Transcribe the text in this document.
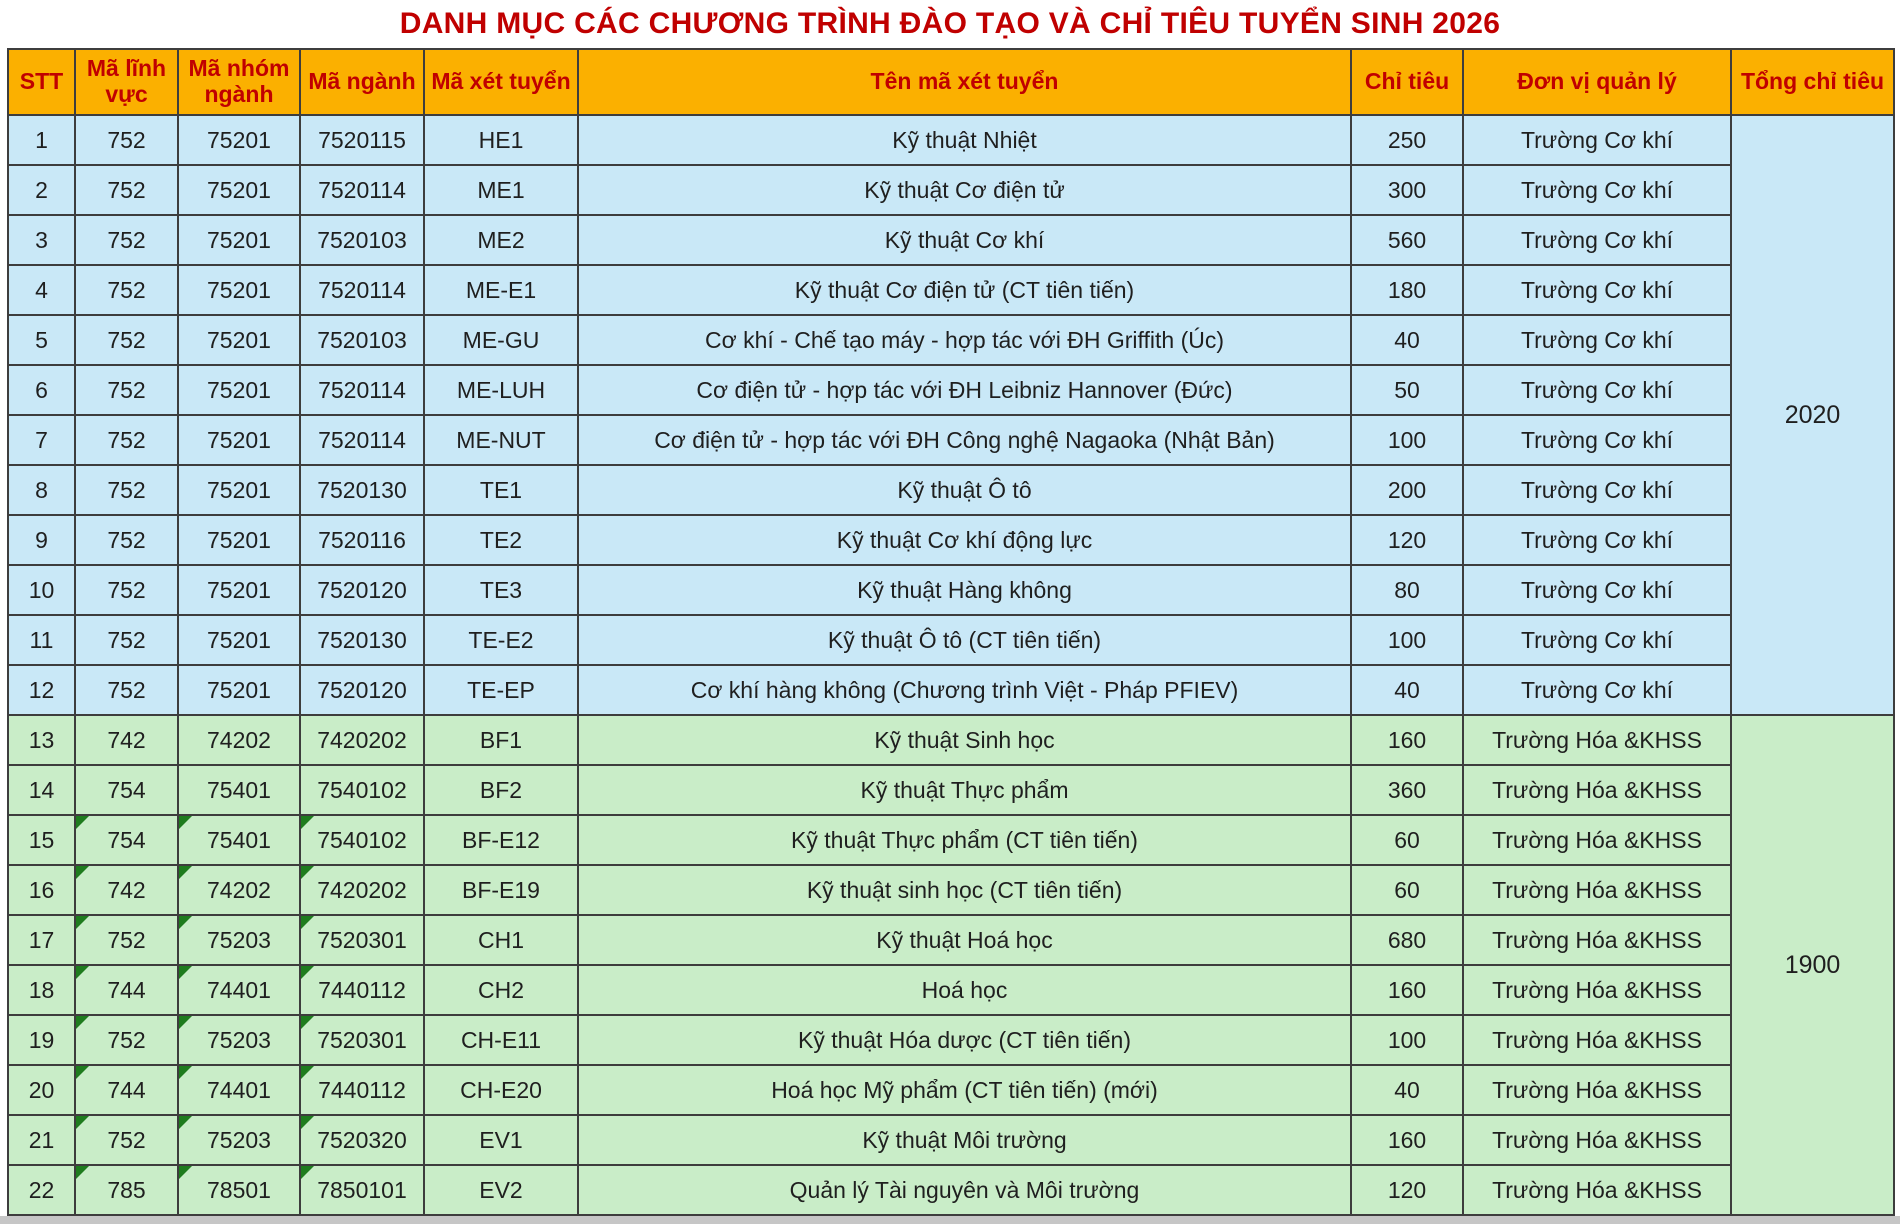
DANH MỤC CÁC CHƯƠNG TRÌNH ĐÀO TẠO VÀ CHỈ TIÊU TUYỂN SINH 2026
STT	Mã lĩnh vực	Mã nhóm ngành	Mã ngành	Mã xét tuyển	Tên mã xét tuyển	Chỉ tiêu	Đơn vị quản lý	Tổng chỉ tiêu
1	752	75201	7520115	HE1	Kỹ thuật Nhiệt	250	Trường Cơ khí	2020
2	752	75201	7520114	ME1	Kỹ thuật Cơ điện tử	300	Trường Cơ khí	
3	752	75201	7520103	ME2	Kỹ thuật Cơ khí	560	Trường Cơ khí	
4	752	75201	7520114	ME-E1	Kỹ thuật Cơ điện tử (CT tiên tiến)	180	Trường Cơ khí	
5	752	75201	7520103	ME-GU	Cơ khí - Chế tạo máy - hợp tác với ĐH Griffith (Úc)	40	Trường Cơ khí	
6	752	75201	7520114	ME-LUH	Cơ điện tử - hợp tác với ĐH Leibniz Hannover (Đức)	50	Trường Cơ khí	
7	752	75201	7520114	ME-NUT	Cơ điện tử - hợp tác với ĐH Công nghệ Nagaoka (Nhật Bản)	100	Trường Cơ khí	
8	752	75201	7520130	TE1	Kỹ thuật Ô tô	200	Trường Cơ khí	
9	752	75201	7520116	TE2	Kỹ thuật Cơ khí động lực	120	Trường Cơ khí	
10	752	75201	7520120	TE3	Kỹ thuật Hàng không	80	Trường Cơ khí	
11	752	75201	7520130	TE-E2	Kỹ thuật Ô tô (CT tiên tiến)	100	Trường Cơ khí	
12	752	75201	7520120	TE-EP	Cơ khí hàng không (Chương trình Việt - Pháp PFIEV)	40	Trường Cơ khí	
13	742	74202	7420202	BF1	Kỹ thuật Sinh học	160	Trường Hóa &KHSS	1900
14	754	75401	7540102	BF2	Kỹ thuật Thực phẩm	360	Trường Hóa &KHSS	
15	754	75401	7540102	BF-E12	Kỹ thuật Thực phẩm (CT tiên tiến)	60	Trường Hóa &KHSS	
16	742	74202	7420202	BF-E19	Kỹ thuật sinh học (CT tiên tiến)	60	Trường Hóa &KHSS	
17	752	75203	7520301	CH1	Kỹ thuật Hoá học	680	Trường Hóa &KHSS	
18	744	74401	7440112	CH2	Hoá học	160	Trường Hóa &KHSS	
19	752	75203	7520301	CH-E11	Kỹ thuật Hóa dược (CT tiên tiến)	100	Trường Hóa &KHSS	
20	744	74401	7440112	CH-E20	Hoá học Mỹ phẩm (CT tiên tiến) (mới)	40	Trường Hóa &KHSS	
21	752	75203	7520320	EV1	Kỹ thuật Môi trường	160	Trường Hóa &KHSS	
22	785	78501	7850101	EV2	Quản lý Tài nguyên và Môi trường	120	Trường Hóa &KHSS	
